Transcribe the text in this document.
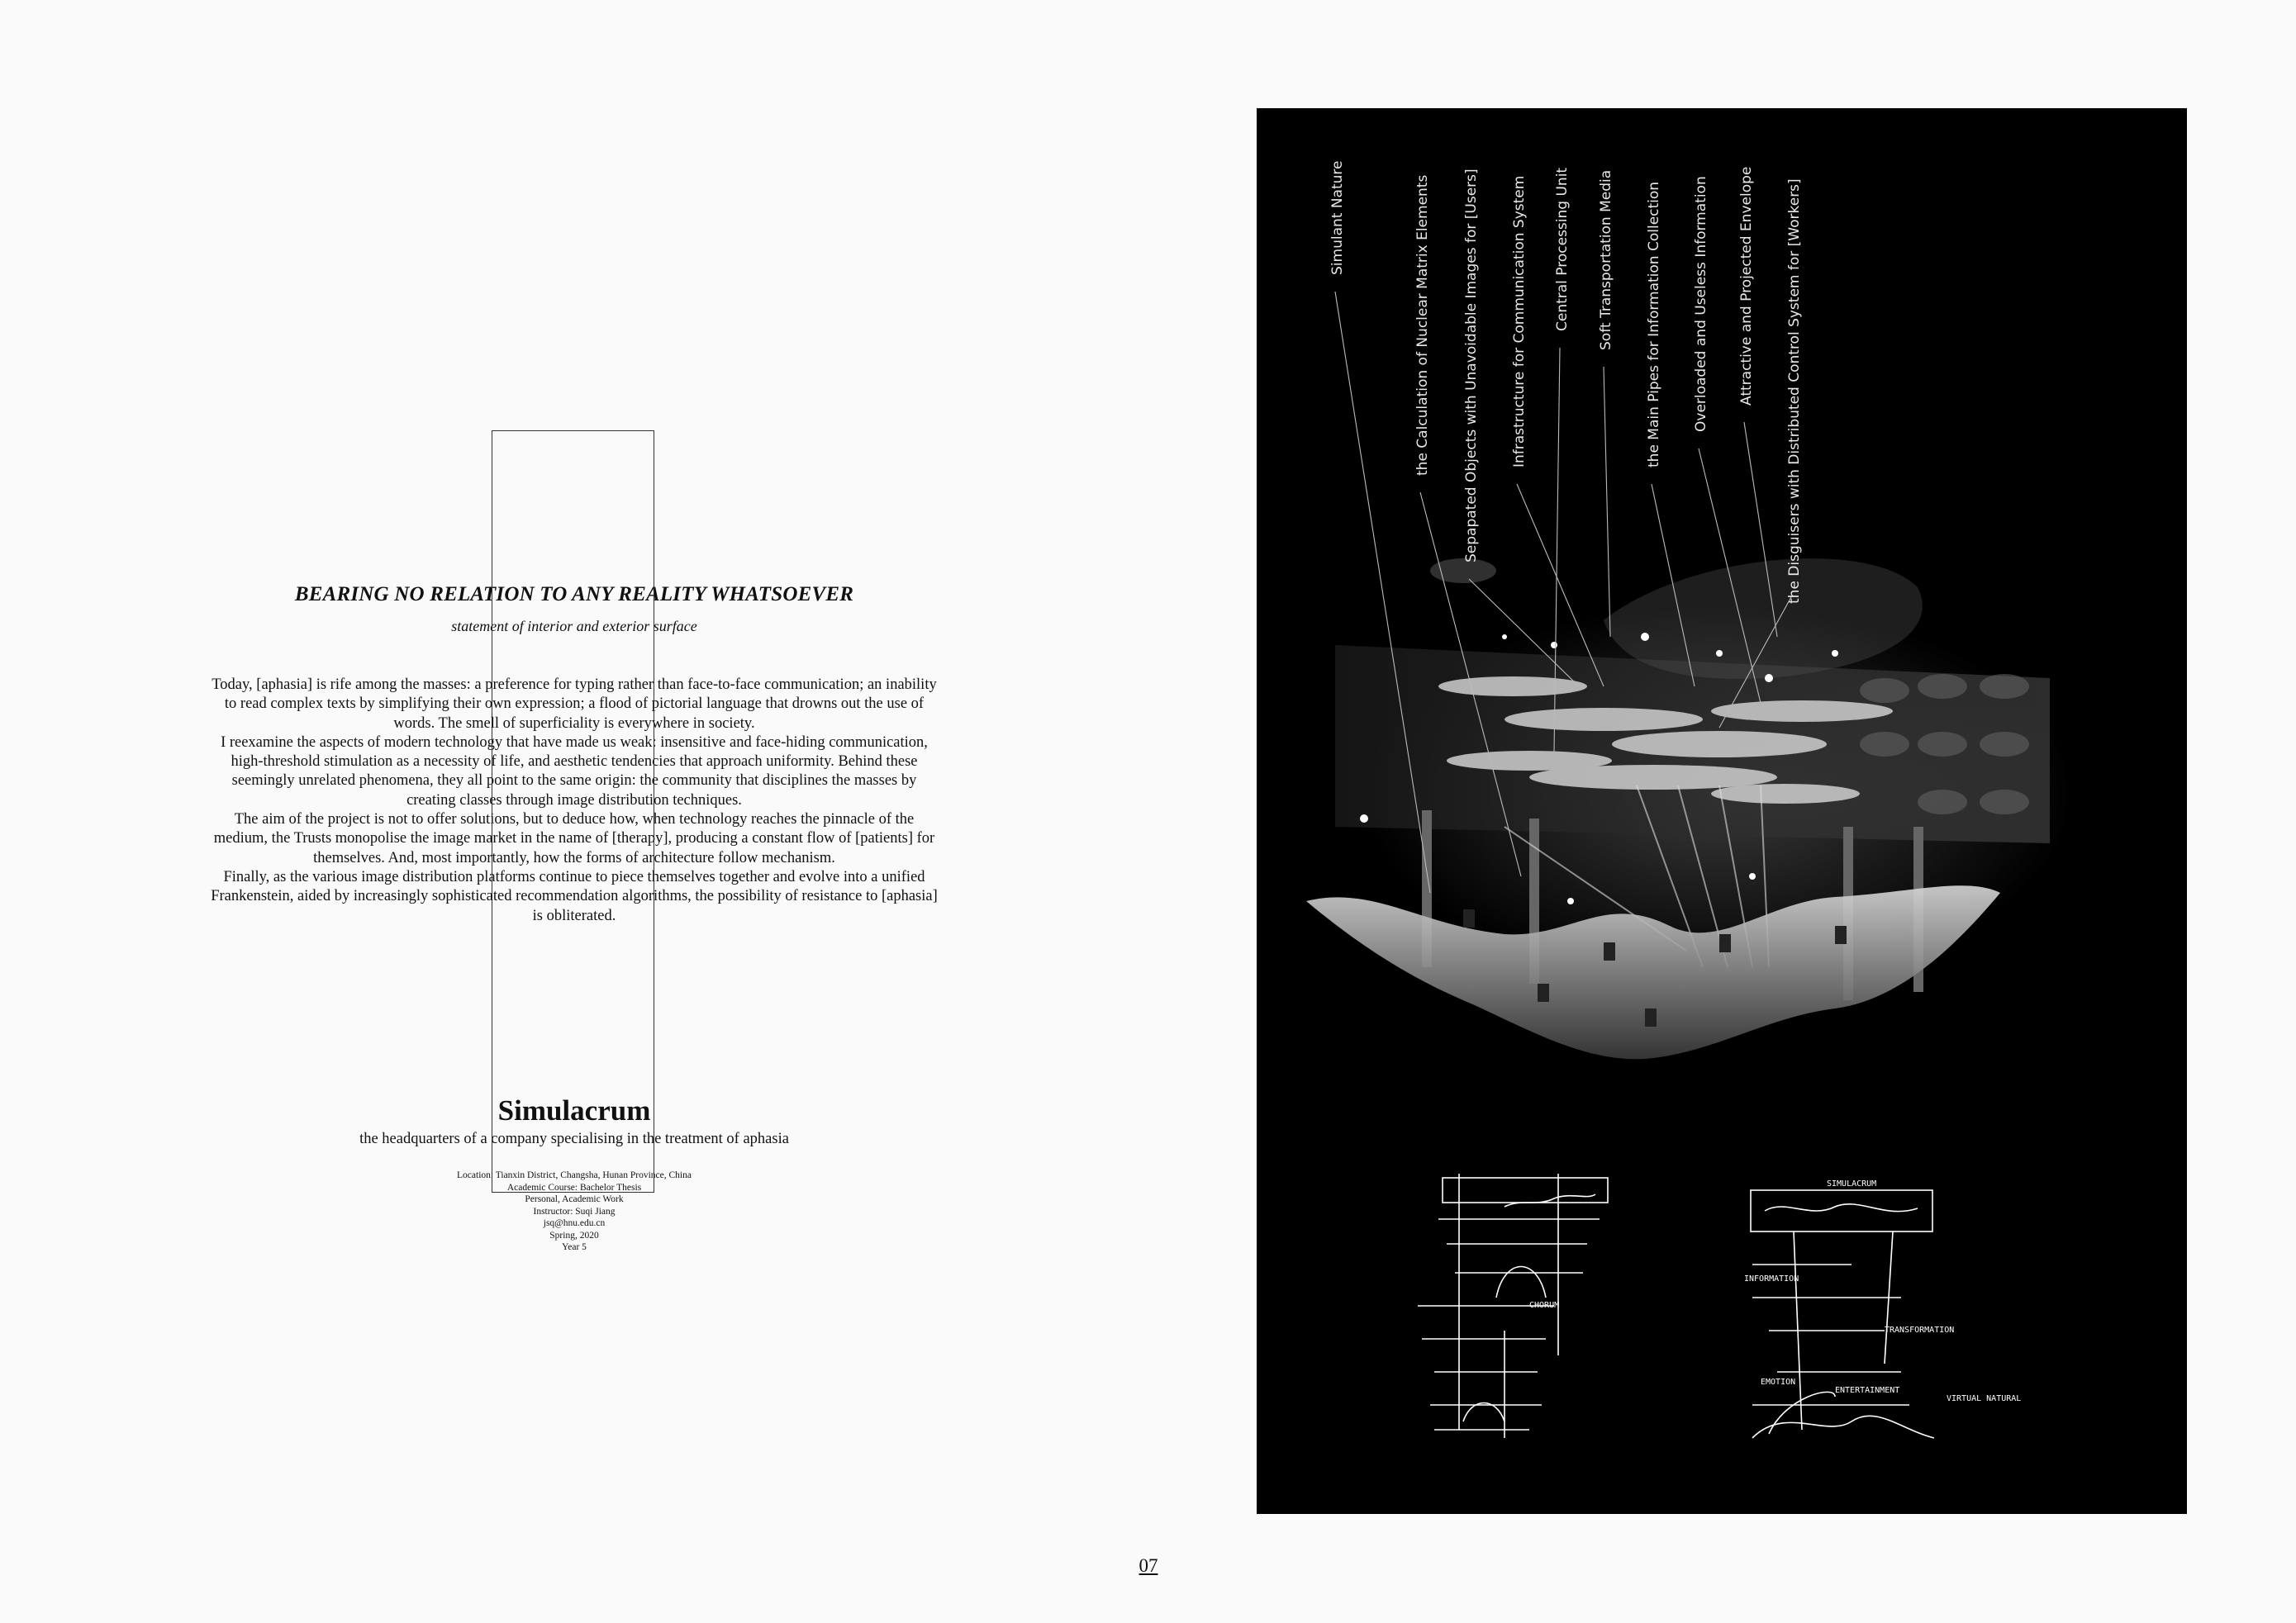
BEARING NO RELATION TO ANY REALITY WHATSOEVER
statement of interior and exterior surface

Today, [aphasia] is rife among the masses: a preference for typing rather than face-to-face communication; an inability to read complex texts by simplifying their own expression; a flood of pictorial language that drowns out the use of words. The smell of superficiality is everywhere in society.

I reexamine the aspects of modern technology that have made us weak: insensitive and face-hiding communication, high-threshold stimulation as a necessity of life, and aesthetic tendencies that approach uniformity. Behind these seemingly unrelated phenomena, they all point to the same origin: the community that disciplines the masses by creating classes through image distribution techniques.

The aim of the project is not to offer solutions, but to deduce how, when technology reaches the pinnacle of the medium, the Trusts monopolise the image market in the name of [therapy], producing a constant flow of [patients] for themselves. And, most importantly, how the forms of architecture follow mechanism.

Finally, as the various image distribution platforms continue to piece themselves together and evolve into a unified Frankenstein, aided by increasingly sophisticated recommendation algorithms, the possibility of resistance to [aphasia] is obliterated.

Simulacrum
the headquarters of a company specialising in the treatment of aphasia
Location: Tianxin District, Changsha, Hunan Province, China
Academic Course: Bachelor Thesis
Personal, Academic Work
Instructor: Suqi Jiang
jsq@hnu.edu.cn
Spring, 2020
Year 5
CHORUM
SIMULACRUM
INFORMATION
TRANSFORMATION
EMOTION
ENTERTAINMENT
VIRTUAL NATURAL
Simulant Nature	the Calculation of Nuclear Matrix Elements Sepapated Objects with Unavoidable Images for [Users] Infrastructure for Communication System Central Processing Unit Soft Transportation Media the Main Pipes for Information Collection Overloaded and Useless Information Attractive and Projected Envelope the Disguisers with Distributed Control System for [Workers]
07
